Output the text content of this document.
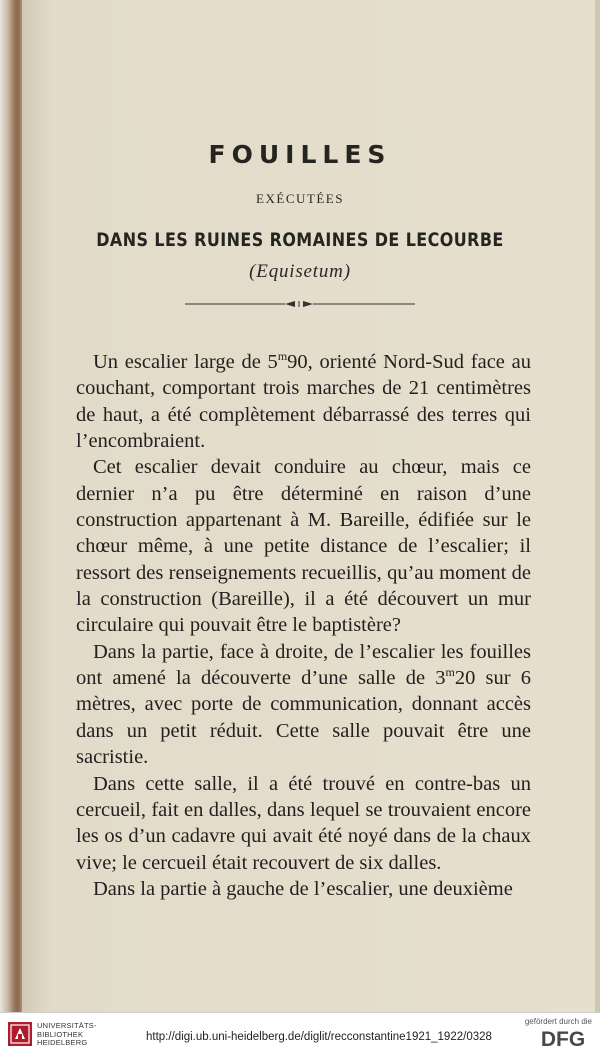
FOUILLES
EXÉCUTÉES
DANS LES RUINES ROMAINES DE LECOURBE
(Equisetum)

Un escalier large de 5$^m$90, orienté Nord-Sud face au couchant, comportant trois marches de 21 centimètres de haut, a été complètement débarrassé des terres qui l’encombraient.

Cet escalier devait conduire au chœur, mais ce dernier n’a pu être déterminé en raison d’une construction appartenant à M. Bareille, édifiée sur le chœur même, à une petite distance de l’escalier; il ressort des renseignements recueillis, qu’au moment de la construction (Bareille), il a été découvert un mur circulaire qui pouvait être le baptistère?

Dans la partie, face à droite, de l’escalier les fouilles ont amené la découverte d’une salle de 3$^m$20 sur 6 mètres, avec porte de communication, donnant accès dans un petit réduit. Cette salle pouvait être une sacristie.

Dans cette salle, il a été trouvé en contre-bas un cercueil, fait en dalles, dans lequel se trouvaient encore les os d’un cadavre qui avait été noyé dans de la chaux vive; le cercueil était recouvert de six dalles.

Dans la partie à gauche de l’escalier, une deuxième

UNIVERSITÄTS-
BIBLIOTHEK
HEIDELBERG	http://digi.ub.uni-heidelberg.de/diglit/recconstantine1921_1922/0328
gefördert durch die
DFG
